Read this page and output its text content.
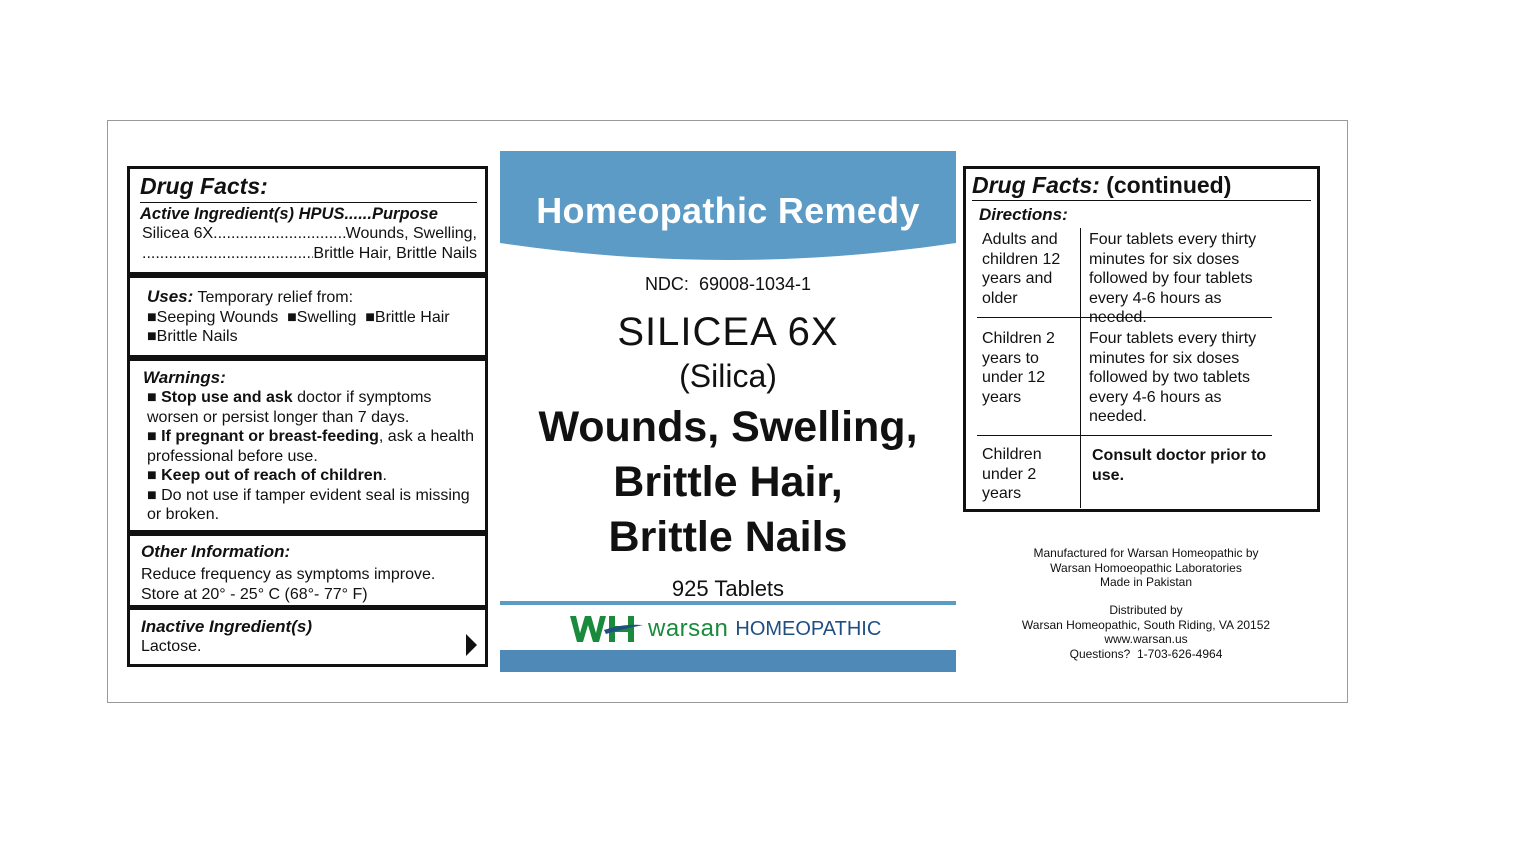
Drug Facts:
Active Ingredient(s) HPUS......Purpose
Silicea 6X
.....	Wounds, Swelling,
.....
Brittle Hair, Brittle Nails
Uses: Temporary relief from:
■Seeping Wounds  ■Swelling  ■Brittle Hair
■Brittle Nails
Warnings:
■ Stop use and ask doctor if symptoms worsen or persist longer than 7 days.
■ If pregnant or breast-feeding, ask a health professional before use.
■ Keep out of reach of children.
■ Do not use if tamper evident seal is missing or broken.
Other Information:
Reduce frequency as symptoms improve.
Store at 20° - 25° C (68°- 77° F)
Inactive Ingredient(s)
Lactose.
Homeopathic Remedy
NDC:  69008-1034-1
SILICEA 6X
(Silica)
Wounds, Swelling,
Brittle Hair,
Brittle Nails
925 Tablets
warsan HOMEOPATHIC
Drug Facts: (continued)
Directions:
Adults and children 12 years and older
Four tablets every thirty minutes for six doses followed by four tablets every 4-6 hours as needed.
Children 2 years to under 12 years
Four tablets every thirty minutes for six doses followed by two tablets every 4-6 hours as needed.
Children under 2 years
Consult doctor prior to use.
Manufactured for Warsan Homeopathic by
Warsan Homoeopathic Laboratories
Made in Pakistan
Distributed by
Warsan Homeopathic, South Riding, VA 20152
www.warsan.us
Questions?  1-703-626-4964
